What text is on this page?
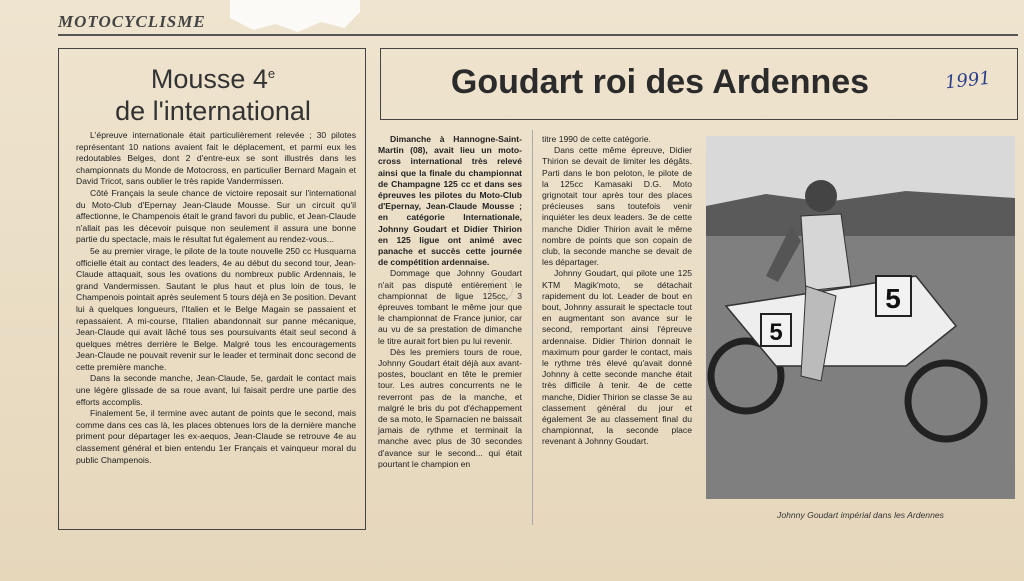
MOTOCYCLISME
Mousse 4e
de l'international

L'épreuve internationale était particulièrement relevée ; 30 pilotes représentant 10 nations avaient fait le déplacement, et parmi eux les redoutables Belges, dont 2 d'entre-eux se sont illustrés dans les championnats du Monde de Motocross, en particulier Bernard Magain et David Tricot, sans oublier le très rapide Vandermissen.

Côté Français la seule chance de victoire reposait sur l'international du Moto-Club d'Epernay Jean-Claude Mousse. Sur un circuit qu'il affectionne, le Champenois était le grand favori du public, et Jean-Claude n'allait pas les décevoir puisque non seulement il assura une bonne partie du spectacle, mais le résultat fut également au rendez-vous...

5e au premier virage, le pilote de la toute nouvelle 250 cc Husquarna officielle était au contact des leaders, 4e au début du second tour, Jean-Claude attaquait, sous les ovations du nombreux public Ardennais, le grand Vandermissen. Sautant le plus haut et plus loin de tous, le Champenois pointait après seulement 5 tours déjà en 3e position. Devant lui à quelques longueurs, l'Italien et le Belge Magain se passaient et repassaient. A mi-course, l'Italien abandonnait sur panne mécanique, Jean-Claude qui avait lâché tous ses poursuivants était seul second à quelques mètres derrière le Belge. Malgré tous les encouragements Jean-Claude ne pouvait revenir sur le leader et terminait donc second de cette première manche.

Dans la seconde manche, Jean-Claude, 5e, gardait le contact mais une légère glissade de sa roue avant, lui faisait perdre une partie des efforts accomplis.

Finalement 5e, il termine avec autant de points que le second, mais comme dans ces cas là, les places obtenues lors de la dernière manche priment pour départager les ex-aequos, Jean-Claude se retrouve 4e au classement général et bien entendu 1er Français et vainqueur moral du public Champenois.

Goudart roi des Ardennes	1991

Dimanche à Hannogne-Saint-Martin (08), avait lieu un moto-cross international très relevé ainsi que la finale du championnat de Champagne 125 cc et dans ses épreuves les pilotes du Moto-Club d'Epernay, Jean-Claude Mousse ; en catégorie Internationale, Johnny Goudart et Didier Thirion en 125 ligue ont animé avec panache et succès cette journée de compétition ardennaise.

Dommage que Johnny Goudart n'ait pas disputé entièrement le championnat de ligue 125cc, 3 épreuves tombant le même jour que le championnat de France junior, car au vu de sa prestation de dimanche le titre aurait fort bien pu lui revenir.

Dès les premiers tours de roue, Johnny Goudart était déjà aux avant-postes, bouclant en tête le premier tour. Les autres concurrents ne le reverront pas de la manche, et malgré le bris du pot d'échappement de sa moto, le Sparnacien ne baissait jamais de rythme et terminait la manche avec plus de 30 secondes d'avance sur le second... qui était pourtant le champion en

titre 1990 de cette catégorie.

Dans cette même épreuve, Didier Thirion se devait de limiter les dégâts. Parti dans le bon peloton, le pilote de la 125cc Kamasaki D.G. Moto grignotait tour après tour des places précieuses sans toutefois venir inquiéter les deux leaders. 3e de cette manche Didier Thirion avait le même nombre de points que son copain de club, la seconde manche se devait de les départager.

Johnny Goudart, qui pilote une 125 KTM Magik'moto, se détachait rapidement du lot. Leader de bout en bout, Johnny assurait le spectacle tout en augmentant son avance sur le second, remportant ainsi l'épreuve ardennaise. Didier Thirion donnait le maximum pour garder le contact, mais le rythme très élevé qu'avait donné Johnny à cette seconde manche était très difficile à tenir. 4e de cette manche, Didier Thirion se classe 3e au classement général du jour et également 3e au classement final du championnat, la seconde place revenant à Johnny Goudart.

5
5
Johnny Goudart impérial dans les Ardennes
